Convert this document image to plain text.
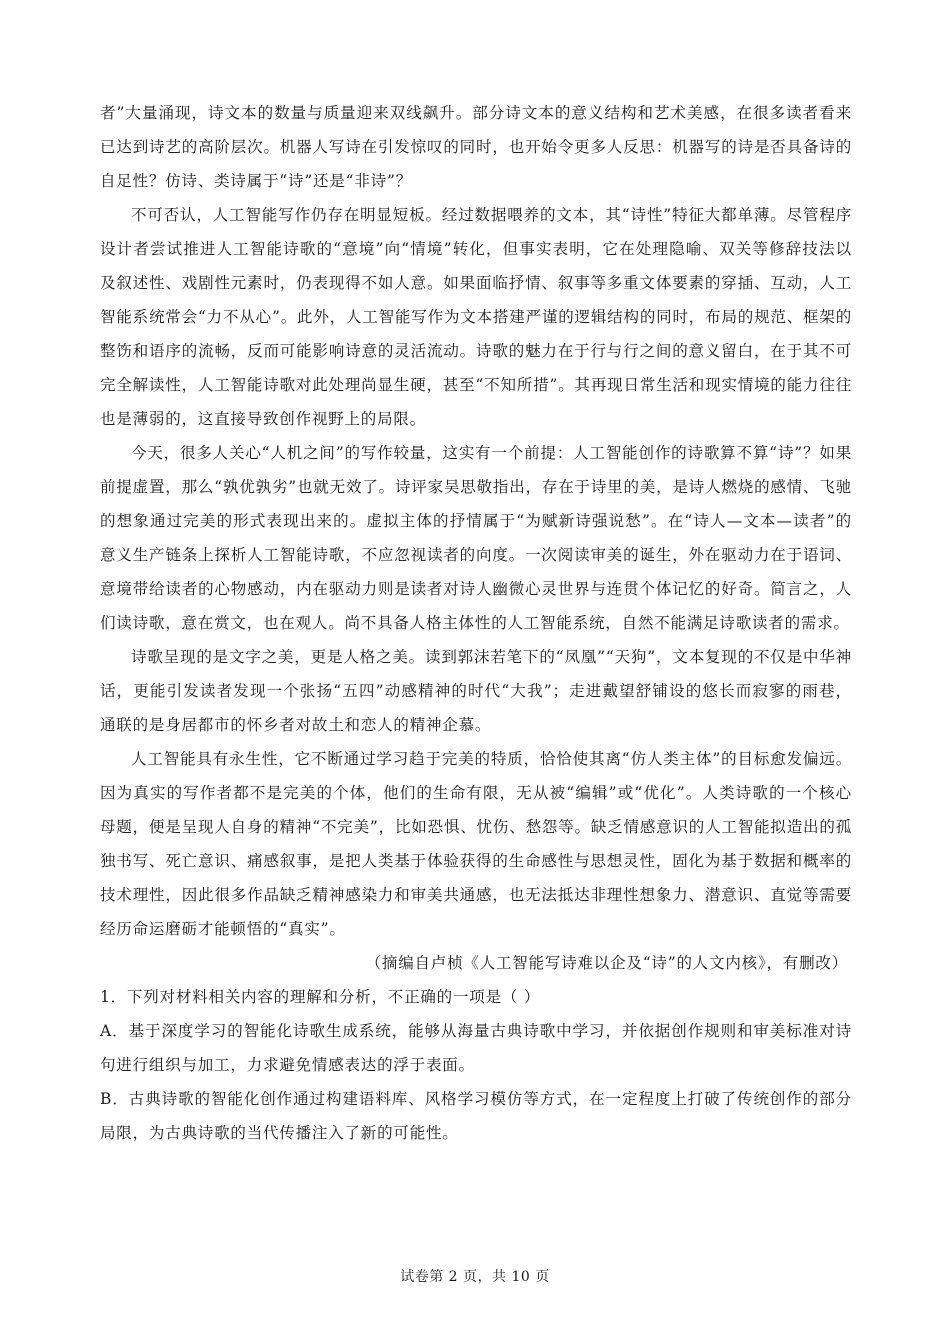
者”大量涌现，诗文本的数量与质量迎来双线飙升。部分诗文本的意义结构和艺术美感，在很多读者看来已达到诗艺的高阶层次。机器人写诗在引发惊叹的同时，也开始令更多人反思：机器写的诗是否具备诗的自足性？仿诗、类诗属于“诗”还是“非诗”？

不可否认，人工智能写作仍存在明显短板。经过数据喂养的文本，其“诗性”特征大都单薄。尽管程序设计者尝试推进人工智能诗歌的“意境”向“情境”转化，但事实表明，它在处理隐喻、双关等修辞技法以及叙述性、戏剧性元素时，仍表现得不如人意。如果面临抒情、叙事等多重文体要素的穿插、互动，人工智能系统常会“力不从心”。此外，人工智能写作为文本搭建严谨的逻辑结构的同时，布局的规范、框架的整饬和语序的流畅，反而可能影响诗意的灵活流动。诗歌的魅力在于行与行之间的意义留白，在于其不可完全解读性，人工智能诗歌对此处理尚显生硬，甚至“不知所措”。其再现日常生活和现实情境的能力往往也是薄弱的，这直接导致创作视野上的局限。

今天，很多人关心“人机之间”的写作较量，这实有一个前提：人工智能创作的诗歌算不算“诗”？如果前提虚置，那么“孰优孰劣”也就无效了。诗评家吴思敬指出，存在于诗里的美，是诗人燃烧的感情、飞驰的想象通过完美的形式表现出来的。虚拟主体的抒情属于“为赋新诗强说愁”。在“诗人—文本—读者”的意义生产链条上探析人工智能诗歌，不应忽视读者的向度。一次阅读审美的诞生，外在驱动力在于语词、意境带给读者的心物感动，内在驱动力则是读者对诗人幽微心灵世界与连贯个体记忆的好奇。简言之，人们读诗歌，意在赏文，也在观人。尚不具备人格主体性的人工智能系统，自然不能满足诗歌读者的需求。

诗歌呈现的是文字之美，更是人格之美。读到郭沫若笔下的“凤凰”“天狗”，文本复现的不仅是中华神话，更能引发读者发现一个张扬“五四”动感精神的时代“大我”；走进戴望舒铺设的悠长而寂寥的雨巷，通联的是身居都市的怀乡者对故土和恋人的精神企慕。

人工智能具有永生性，它不断通过学习趋于完美的特质，恰恰使其离“仿人类主体”的目标愈发偏远。因为真实的写作者都不是完美的个体，他们的生命有限，无从被“编辑”或“优化”。人类诗歌的一个核心母题，便是呈现人自身的精神“不完美”，比如恐惧、忧伤、愁怨等。缺乏情感意识的人工智能拟造出的孤独书写、死亡意识、痛感叙事，是把人类基于体验获得的生命感性与思想灵性，固化为基于数据和概率的技术理性，因此很多作品缺乏精神感染力和审美共通感，也无法抵达非理性想象力、潜意识、直觉等需要经历命运磨砺才能顿悟的“真实”。

（摘编自卢桢《人工智能写诗难以企及“诗”的人文内核》，有删改）

1．下列对材料相关内容的理解和分析，不正确的一项是（ ）

A．基于深度学习的智能化诗歌生成系统，能够从海量古典诗歌中学习，并依据创作规则和审美标准对诗句进行组织与加工，力求避免情感表达的浮于表面。

B．古典诗歌的智能化创作通过构建语料库、风格学习模仿等方式，在一定程度上打破了传统创作的部分局限，为古典诗歌的当代传播注入了新的可能性。

试卷第 2 页，共 10 页
